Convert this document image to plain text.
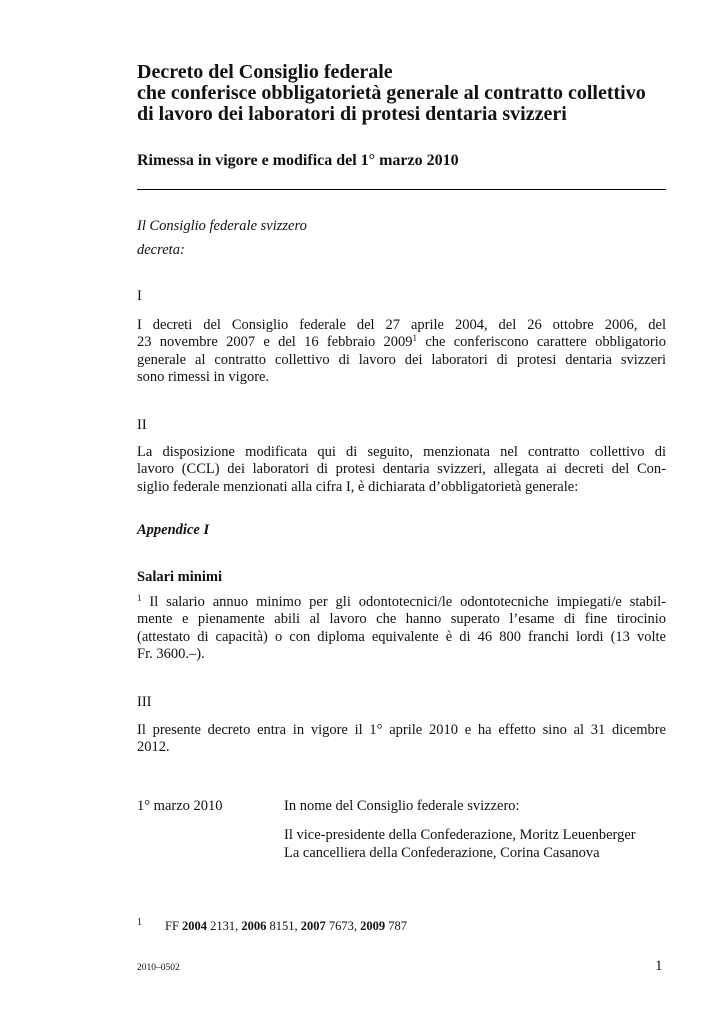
Decreto del Consiglio federale
che conferisce obbligatorietà generale al contratto collettivo
di lavoro dei laboratori di protesi dentaria svizzeri
Rimessa in vigore e modifica del 1° marzo 2010
Il Consiglio federale svizzero
decreta:
I
I decreti del Consiglio federale del 27 aprile 2004, del 26 ottobre 2006, del
23 novembre 2007 e del 16 febbraio 2009$^1$ che conferiscono carattere obbligatorio
generale al contratto collettivo di lavoro dei laboratori di protesi dentaria svizzeri
sono rimessi in vigore.
II
La disposizione modificata qui di seguito, menzionata nel contratto collettivo di
lavoro (CCL) dei laboratori di protesi dentaria svizzeri, allegata ai decreti del Con-
siglio federale menzionati alla cifra I, è dichiarata d’obbligatorietà generale:
Appendice I
Salari minimi
$^1$ Il salario annuo minimo per gli odontotecnici/le odontotecniche impiegati/e stabil-
mente e pienamente abili al lavoro che hanno superato l’esame di fine tirocinio
(attestato di capacità) o con diploma equivalente è di 46 800 franchi lordi (13 volte
Fr. 3600.–).
III
Il presente decreto entra in vigore il 1° aprile 2010 e ha effetto sino al 31 dicembre
2012.
1° marzo 2010	In nome del Consiglio federale svizzero:
Il vice-presidente della Confederazione, Moritz Leuenberger
La cancelliera della Confederazione, Corina Casanova
1 FF 2004 2131, 2006 8151, 2007 7673, 2009 787
2010–0502	1
